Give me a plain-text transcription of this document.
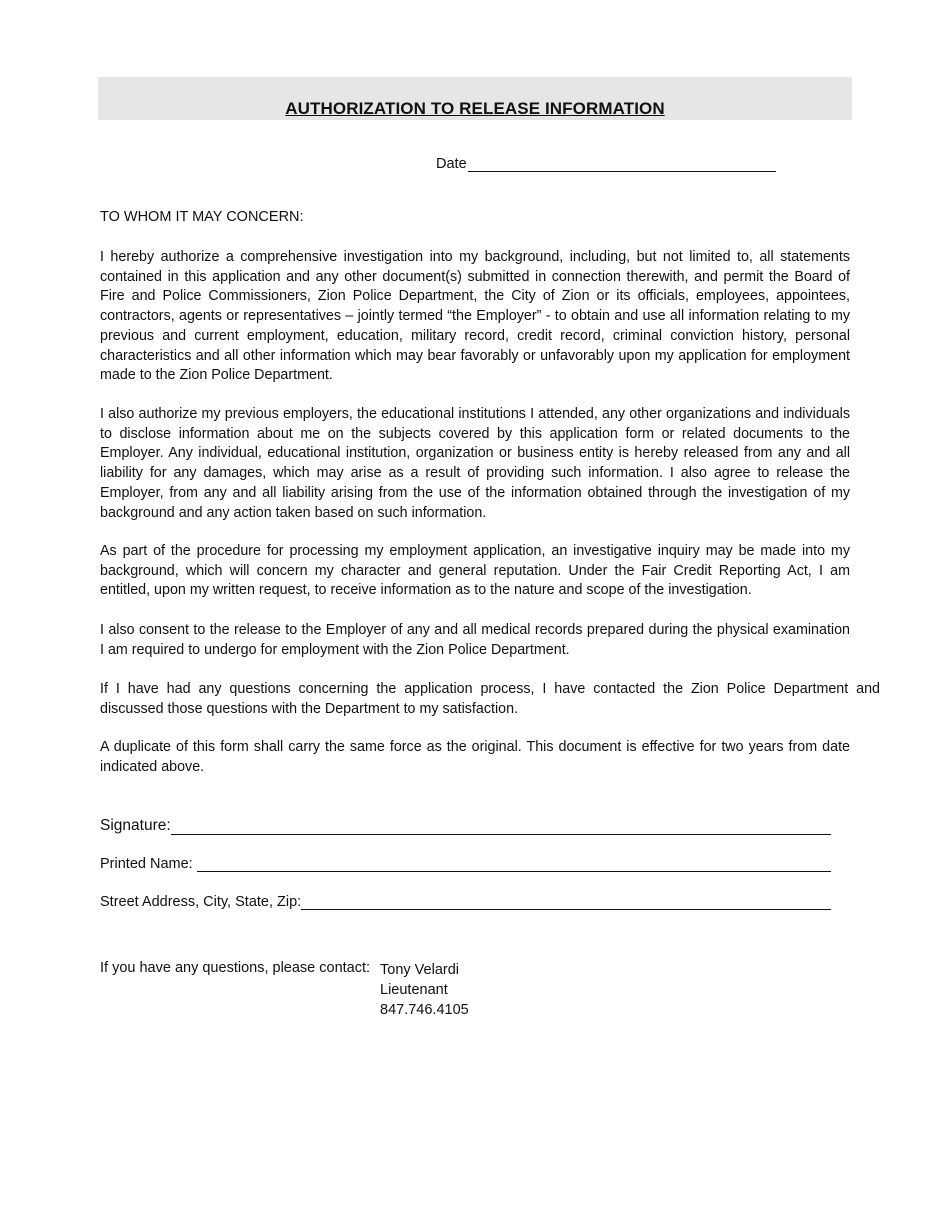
AUTHORIZATION TO RELEASE INFORMATION
Date
TO WHOM IT MAY CONCERN:

I hereby authorize a comprehensive investigation into my background, including, but not limited to, all statements contained in this application and any other document(s) submitted in connection therewith, and permit the Board of Fire and Police Commissioners, Zion Police Department, the City of Zion or its officials, employees, appointees, contractors, agents or representatives – jointly termed “the Employer” - to obtain and use all information relating to my previous and current employment, education, military record, credit record, criminal conviction history, personal characteristics and all other information which may bear favorably or unfavorably upon my application for employment made to the Zion Police Department.

I also authorize my previous employers, the educational institutions I attended, any other organizations and individuals to disclose information about me on the subjects covered by this application form or related documents to the Employer. Any individual, educational institution, organization or business entity is hereby released from any and all liability for any damages, which may arise as a result of providing such information. I also agree to release the Employer, from any and all liability arising from the use of the information obtained through the investigation of my background and any action taken based on such information.

As part of the procedure for processing my employment application, an investigative inquiry may be made into my background, which will concern my character and general reputation. Under the Fair Credit Reporting Act, I am entitled, upon my written request, to receive information as to the nature and scope of the investigation.

I also consent to the release to the Employer of any and all medical records prepared during the physical examination I am required to undergo for employment with the Zion Police Department.

If I have had any questions concerning the application process, I have contacted the Zion Police Department and discussed those questions with the Department to my satisfaction.

A duplicate of this form shall carry the same force as the original. This document is effective for two years from date indicated above.

Signature:
Printed Name:
Street Address, City, State, Zip:
If you have any questions, please contact: Tony Velardi
Lieutenant
847.746.4105
